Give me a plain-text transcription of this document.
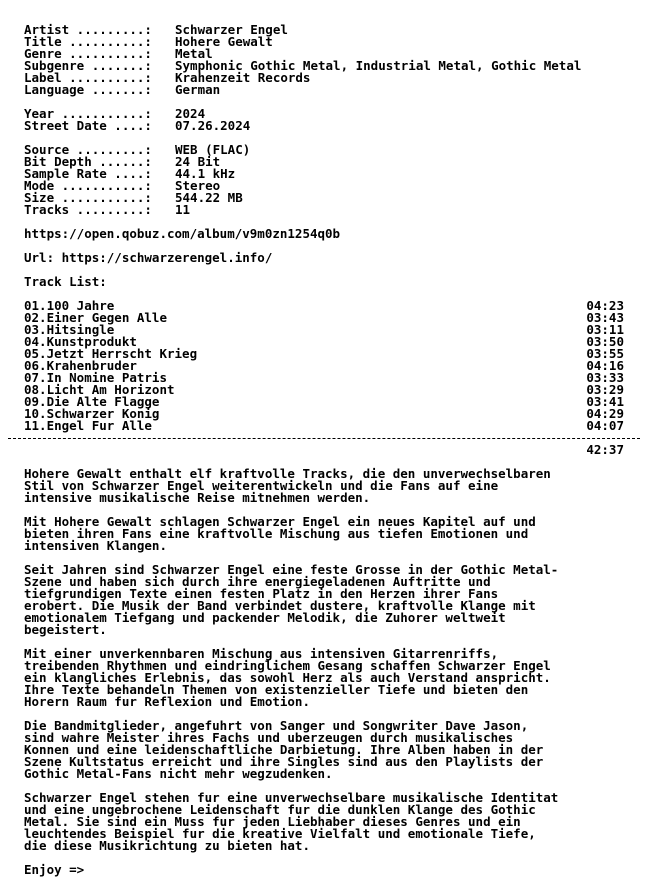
Artist .........:	Schwarzer Engel
Title ..........:	Hohere Gewalt
Genre ..........:	Metal
Subgenre .......:	Symphonic Gothic Metal, Industrial Metal, Gothic Metal
Label ..........:	Krahenzeit Records
Language .......:	German
Year ...........:	2024
Street Date ....:	07.26.2024
Source .........:	WEB (FLAC)
Bit Depth ......:	24 Bit
Sample Rate ....:	44.1 kHz
Mode ...........:	Stereo
Size ...........:	544.22 MB
Tracks .........:	11
https://open.qobuz.com/album/v9m0zn1254q0b
Url: https://schwarzerengel.info/
Track List:
01.100 Jahre	04:23
02.Einer Gegen Alle	03:43
03.Hitsingle	03:11
04.Kunstprodukt	03:50
05.Jetzt Herrscht Krieg	03:55
06.Krahenbruder	04:16
07.In Nomine Patris	03:33
08.Licht Am Horizont	03:29
09.Die Alte Flagge	03:41
10.Schwarzer Konig	04:29
11.Engel Fur Alle	04:07
42:37
Hohere Gewalt enthalt elf kraftvolle Tracks, die den unverwechselbaren
Stil von Schwarzer Engel weiterentwickeln und die Fans auf eine
intensive musikalische Reise mitnehmen werden.
Mit Hohere Gewalt schlagen Schwarzer Engel ein neues Kapitel auf und
bieten ihren Fans eine kraftvolle Mischung aus tiefen Emotionen und
intensiven Klangen.
Seit Jahren sind Schwarzer Engel eine feste Grosse in der Gothic Metal-
Szene und haben sich durch ihre energiegeladenen Auftritte und
tiefgrundigen Texte einen festen Platz in den Herzen ihrer Fans
erobert. Die Musik der Band verbindet dustere, kraftvolle Klange mit
emotionalem Tiefgang und packender Melodik, die Zuhorer weltweit
begeistert.
Mit einer unverkennbaren Mischung aus intensiven Gitarrenriffs,
treibenden Rhythmen und eindringlichem Gesang schaffen Schwarzer Engel
ein klangliches Erlebnis, das sowohl Herz als auch Verstand anspricht.
Ihre Texte behandeln Themen von existenzieller Tiefe und bieten den
Horern Raum fur Reflexion und Emotion.
Die Bandmitglieder, angefuhrt von Sanger und Songwriter Dave Jason,
sind wahre Meister ihres Fachs und uberzeugen durch musikalisches
Konnen und eine leidenschaftliche Darbietung. Ihre Alben haben in der
Szene Kultstatus erreicht und ihre Singles sind aus den Playlists der
Gothic Metal-Fans nicht mehr wegzudenken.
Schwarzer Engel stehen fur eine unverwechselbare musikalische Identitat
und eine ungebrochene Leidenschaft fur die dunklen Klange des Gothic
Metal. Sie sind ein Muss fur jeden Liebhaber dieses Genres und ein
leuchtendes Beispiel fur die kreative Vielfalt und emotionale Tiefe,
die diese Musikrichtung zu bieten hat.
Enjoy =>
